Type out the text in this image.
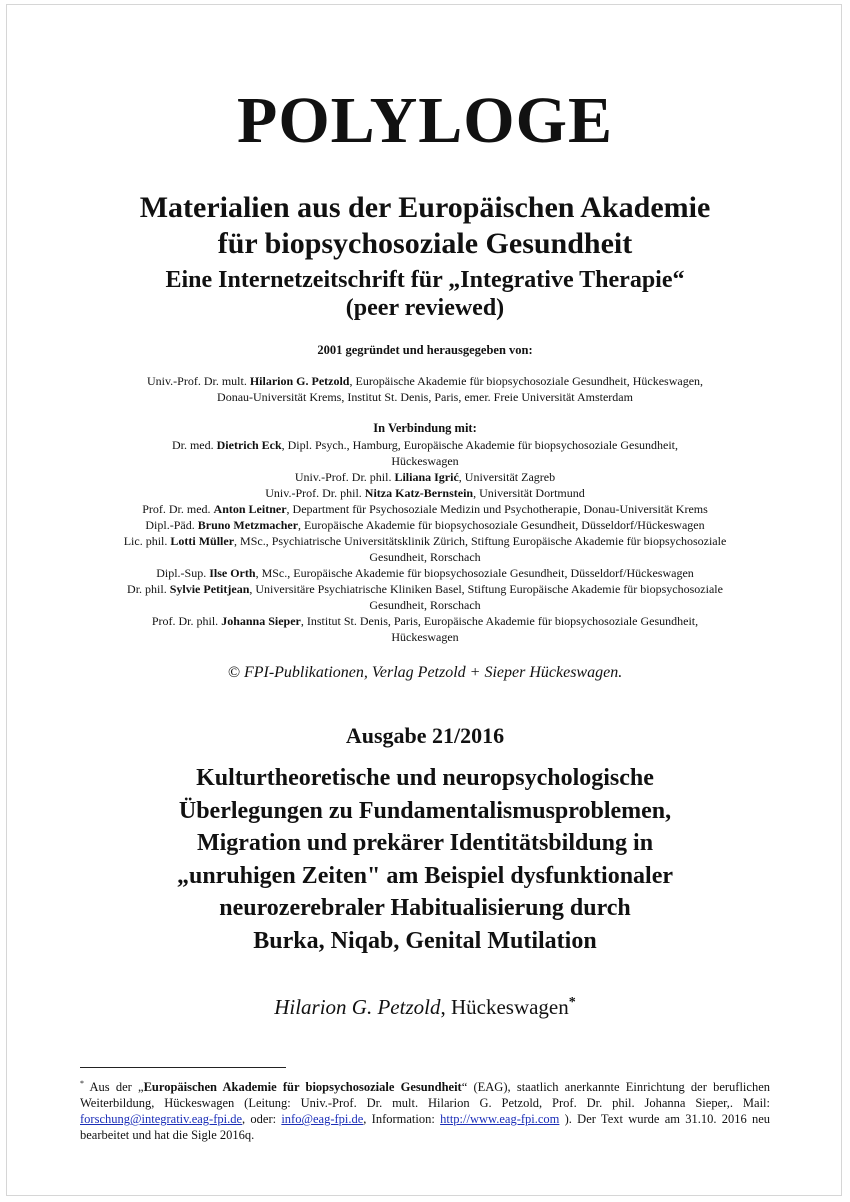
POLYLOGE
Materialien aus der Europäischen Akademie
für biopsychosoziale Gesundheit
Eine Internetzeitschrift für „Integrative Therapie“
(peer reviewed)
2001 gegründet und herausgegeben von:
Univ.-Prof. Dr. mult. Hilarion G. Petzold, Europäische Akademie für biopsychosoziale Gesundheit, Hückeswagen,
Donau-Universität Krems, Institut St. Denis, Paris, emer. Freie Universität Amsterdam
In Verbindung mit:
Dr. med. Dietrich Eck, Dipl. Psych., Hamburg, Europäische Akademie für biopsychosoziale Gesundheit,
Hückeswagen
Univ.-Prof. Dr. phil. Liliana Igrić, Universität Zagreb
Univ.-Prof. Dr. phil. Nitza Katz-Bernstein, Universität Dortmund
Prof. Dr. med. Anton Leitner, Department für Psychosoziale Medizin und Psychotherapie, Donau-Universität Krems
Dipl.-Päd. Bruno Metzmacher, Europäische Akademie für biopsychosoziale Gesundheit, Düsseldorf/Hückeswagen
Lic. phil. Lotti Müller, MSc., Psychiatrische Universitätsklinik Zürich, Stiftung Europäische Akademie für biopsychosoziale
Gesundheit, Rorschach
Dipl.-Sup. Ilse Orth, MSc., Europäische Akademie für biopsychosoziale Gesundheit, Düsseldorf/Hückeswagen
Dr. phil. Sylvie Petitjean, Universitäre Psychiatrische Kliniken Basel, Stiftung Europäische Akademie für biopsychosoziale
Gesundheit, Rorschach
Prof. Dr. phil. Johanna Sieper, Institut St. Denis, Paris, Europäische Akademie für biopsychosoziale Gesundheit,
Hückeswagen
© FPI-Publikationen, Verlag Petzold + Sieper Hückeswagen.
Ausgabe 21/2016
Kulturtheoretische und neuropsychologische
Überlegungen zu Fundamentalismusproblemen,
Migration und prekärer Identitätsbildung in
„unruhigen Zeiten" am Beispiel dysfunktionaler
neurozerebraler Habitualisierung durch
Burka, Niqab, Genital Mutilation
Hilarion G. Petzold, Hückeswagen*
* Aus der „Europäischen Akademie für biopsychosoziale Gesundheit“ (EAG), staatlich anerkannte Einrichtung der beruflichen Weiterbildung, Hückeswagen (Leitung: Univ.-Prof. Dr. mult. Hilarion G. Petzold, Prof. Dr. phil. Johanna Sieper,. Mail: forschung@integrativ.eag-fpi.de, oder: info@eag-fpi.de, Information: http://www.eag-fpi.com ). Der Text wurde am 31.10. 2016 neu bearbeitet und hat die Sigle 2016q.
